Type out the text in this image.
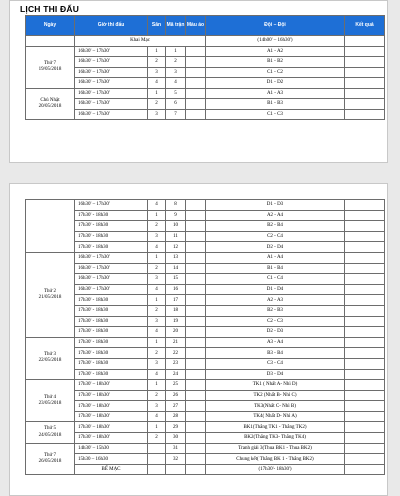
LỊCH THI ĐẤU
Ngày	Giờ thi đấu	Sân	Mã trận	Màu áo	Đội – Đội	Kết quả
	Khai Mạc				(14h00' – 16h30')	
Thứ 7
19/05/2018	16h30' – 17h30'	1	1		A1 - A2	
	16h30' – 17h30'	2	2		B1 - B2	
	16h30' – 17h30'	3	3		C1 - C2	
	16h30' – 17h30'	4	4		D1 - D2	
Chủ Nhật
20/05/2018	16h30' – 17h30'	1	5		A1 - A3	
	16h30' – 17h30'	2	6		B1 - B3	
	16h30' – 17h30'	3	7		C1 - C3	
	16h30' – 17h30'	4	8		D1 - D3	
	17h30' - 18h30	1	9		A2 - A4	
	17h30' - 18h30	2	10		B2 - B4	
	17h30' - 18h30	3	11		C2 - C4	
	17h30' - 18h30	4	12		D2 - D4	
Thứ 2
21/05/2018	16h30' – 17h30'	1	13		A1 - A4	
	16h30' – 17h30'	2	14		B1 - B4	
	16h30' – 17h30'	3	15		C1 - C4	
	16h30' – 17h30'	4	16		D1 - D4	
	17h30' - 18h30	1	17		A2 - A3	
	17h30' - 18h30	2	18		B2 - B3	
	17h30' - 18h30	3	19		C2 - C3	
	17h30' - 18h30	4	20		D2 - D3	
Thứ 3
22/05/2018	17h30' - 18h30	1	21		A3 - A4	
	17h30' - 18h30	2	22		B3 - B4	
	17h30' - 18h30	3	23		C3 - C4	
	17h30' - 18h30	4	24		D3 - D4	
Thứ 4
23/05/2018	17h30' – 18h30'	1	25		TK1 ( Nhất A- Nhì D)	
	17h30' – 18h30'	2	26		TK2 (Nhất B- Nhì C)	
	17h30' – 18h30'	3	27		TK3(Nhất C- Nhì B)	
	17h30' – 18h30'	4	28		TK4( Nhất D- Nhì A)	
Thứ 5
24/05/2018	17h30' – 18h30'	1	29		BK1(Thắng TK1 - Thắng TK2)	
	17h30' – 18h30'	2	30		BK2(Thắng TK3- Thắng TK4)	
Thứ 7
26/05/2018	14h30' – 15h30		31		Tranh giải 3(Thua BK1 - Thua BK2)	
	15h30 – 16h30		32		Chung kết( Thắng BK 1 - Thắng BK2)	
	BẾ MẠC				(17h30'- 18h30')	
